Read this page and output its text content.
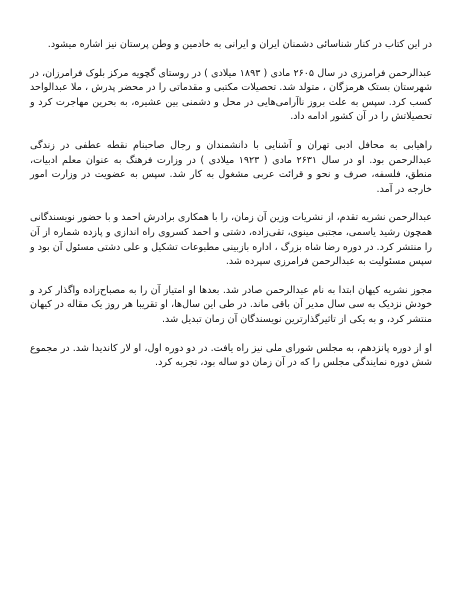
در این کتاب در کنار شناسائی دشمنان ایران و ایرانی به خادمین و وطن پرستان نیز اشاره میشود.

عبدالرحمن فرامرزی در سال ۲۶۰۵ مادی ( ۱۸۹۳ میلادی ) در روستای گچویه مرکز بلوک فرامرزان، در شهرستان بستک هرمزگان ، متولد شد. تحصیلات مکتبی و مقدماتی را در محضر پدرش ، ملا عبدالواحد کسب کرد. سپس به علت بروز ناآرامی‌هایی در محل و دشمنی بین عشیره، به بحرین مهاجرت کرد و تحصیلاتش را در آن کشور ادامه داد.

راهیابی به محافل ادبی تهران و آشنایی با دانشمندان و رجال صاحبنام نقطه عطفی در زندگی عبدالرحمن بود. او در سال ۲۶۳۱ مادی ( ۱۹۲۳ میلادی ) در وزارت فرهنگ به عنوان معلم ادبیات، منطق، فلسفه، صرف و نحو و قرائت عربی مشغول به کار شد. سپس به عضویت در وزارت امور خارجه در آمد.

عبدالرحمن نشریه تقدم، از نشریات وزین آن زمان، را با همکاری برادرش احمد و با حضور نویسندگانی همچون رشید یاسمی، مجتبی مینوی، تقی‌زاده، دشتی و احمد کسروی راه اندازی و پازده شماره از آن را منتشر کرد. در دوره رضا شاه بزرگ ، اداره بازبینی مطبوعات تشکیل و علی دشتی مسئول آن بود و سپس مسئولیت به عبدالرحمن فرامرزی سپرده شد.

مجوز نشریه کیهان ابتدا به نام عبدالرحمن صادر شد. بعدها او امتیاز آن را به مصباح‌زاده واگذار کرد و خودش نزدیک به سی سال مدیر آن باقی ماند. در طی این سال‌ها، او تقریبا هر روز یک مقاله در کیهان منتشر کرد، و به یکی از تاثیرگذارترین نویسندگان آن زمان تبدیل شد.

او از دوره پانزدهم، به مجلس شورای ملی نیز راه یافت. در دو دوره اول، او لار کاندیدا شد. در مجموع شش دوره نمایندگی مجلس را که در آن زمان دو ساله بود، تجربه کرد.
